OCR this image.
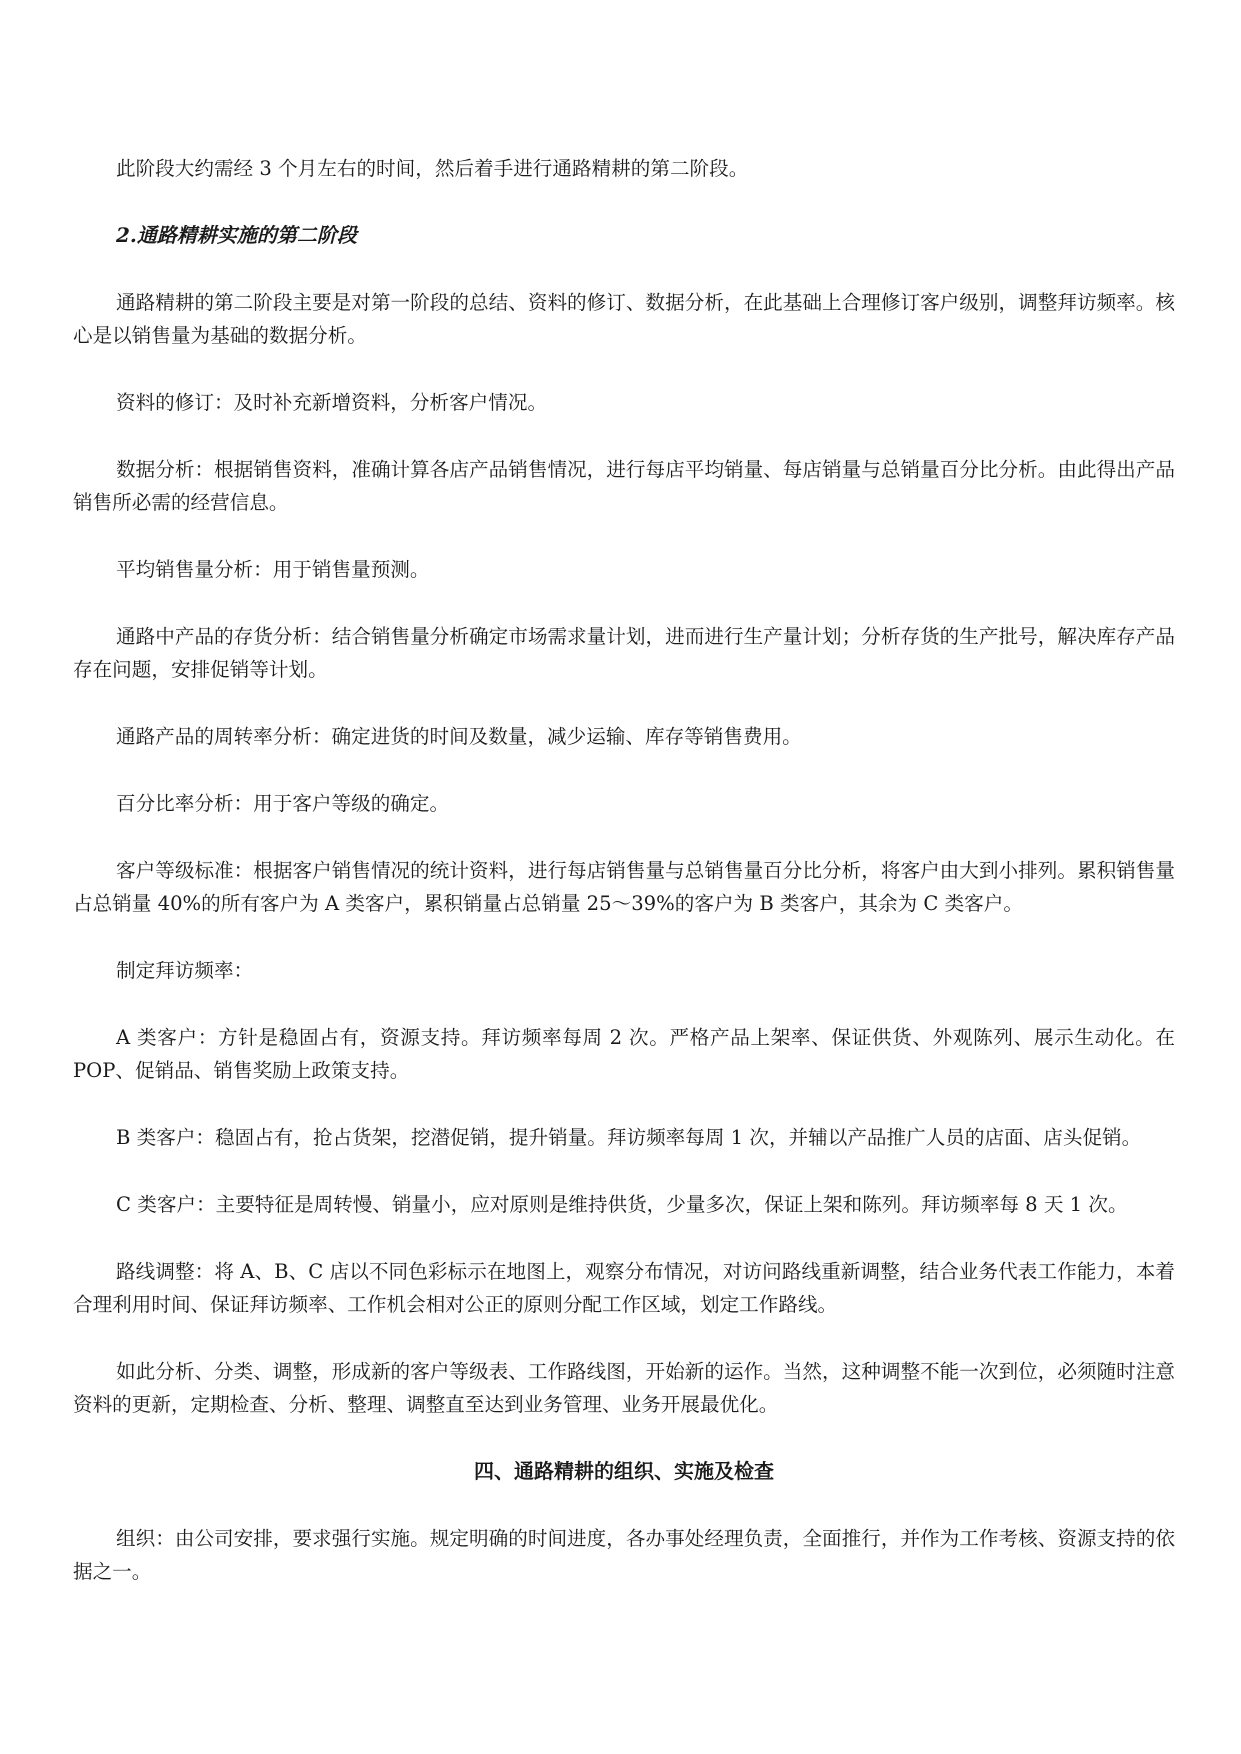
此阶段大约需经 3 个月左右的时间，然后着手进行通路精耕的第二阶段。

2.通路精耕实施的第二阶段

通路精耕的第二阶段主要是对第一阶段的总结、资料的修订、数据分析，在此基础上合理修订客户级别，调整拜访频率。核心是以销售量为基础的数据分析。

资料的修订：及时补充新增资料，分析客户情况。

数据分析：根据销售资料，准确计算各店产品销售情况，进行每店平均销量、每店销量与总销量百分比分析。由此得出产品销售所必需的经营信息。

平均销售量分析：用于销售量预测。

通路中产品的存货分析：结合销售量分析确定市场需求量计划，进而进行生产量计划；分析存货的生产批号，解决库存产品存在问题，安排促销等计划。

通路产品的周转率分析：确定进货的时间及数量，减少运输、库存等销售费用。

百分比率分析：用于客户等级的确定。

客户等级标准：根据客户销售情况的统计资料，进行每店销售量与总销售量百分比分析，将客户由大到小排列。累积销售量占总销量 40%的所有客户为 A 类客户，累积销量占总销量 25～39%的客户为 B 类客户，其余为 C 类客户。

制定拜访频率：

A 类客户：方针是稳固占有，资源支持。拜访频率每周 2 次。严格产品上架率、保证供货、外观陈列、展示生动化。在 POP、促销品、销售奖励上政策支持。

B 类客户：稳固占有，抢占货架，挖潜促销，提升销量。拜访频率每周 1 次，并辅以产品推广人员的店面、店头促销。

C 类客户：主要特征是周转慢、销量小，应对原则是维持供货，少量多次，保证上架和陈列。拜访频率每 8 天 1 次。

路线调整：将 A、B、C 店以不同色彩标示在地图上，观察分布情况，对访问路线重新调整，结合业务代表工作能力，本着合理利用时间、保证拜访频率、工作机会相对公正的原则分配工作区域，划定工作路线。

如此分析、分类、调整，形成新的客户等级表、工作路线图，开始新的运作。当然，这种调整不能一次到位，必须随时注意资料的更新，定期检查、分析、整理、调整直至达到业务管理、业务开展最优化。

四、通路精耕的组织、实施及检查

组织：由公司安排，要求强行实施。规定明确的时间进度，各办事处经理负责，全面推行，并作为工作考核、资源支持的依据之一。
